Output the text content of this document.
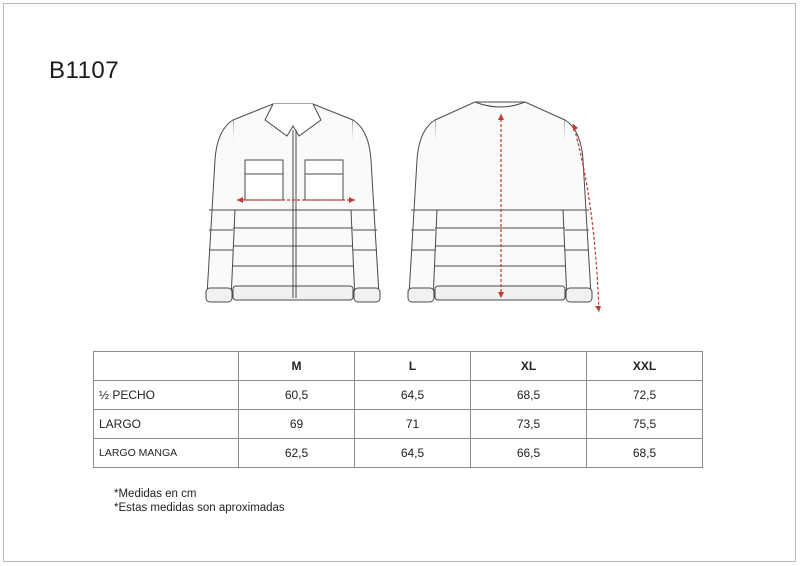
B1107
	M	L	XL	XXL
½ PECHO	60,5	64,5	68,5	72,5
LARGO	69	71	73,5	75,5
LARGO MANGA	62,5	64,5	66,5	68,5
*Medidas en cm
*Estas medidas son aproximadas
